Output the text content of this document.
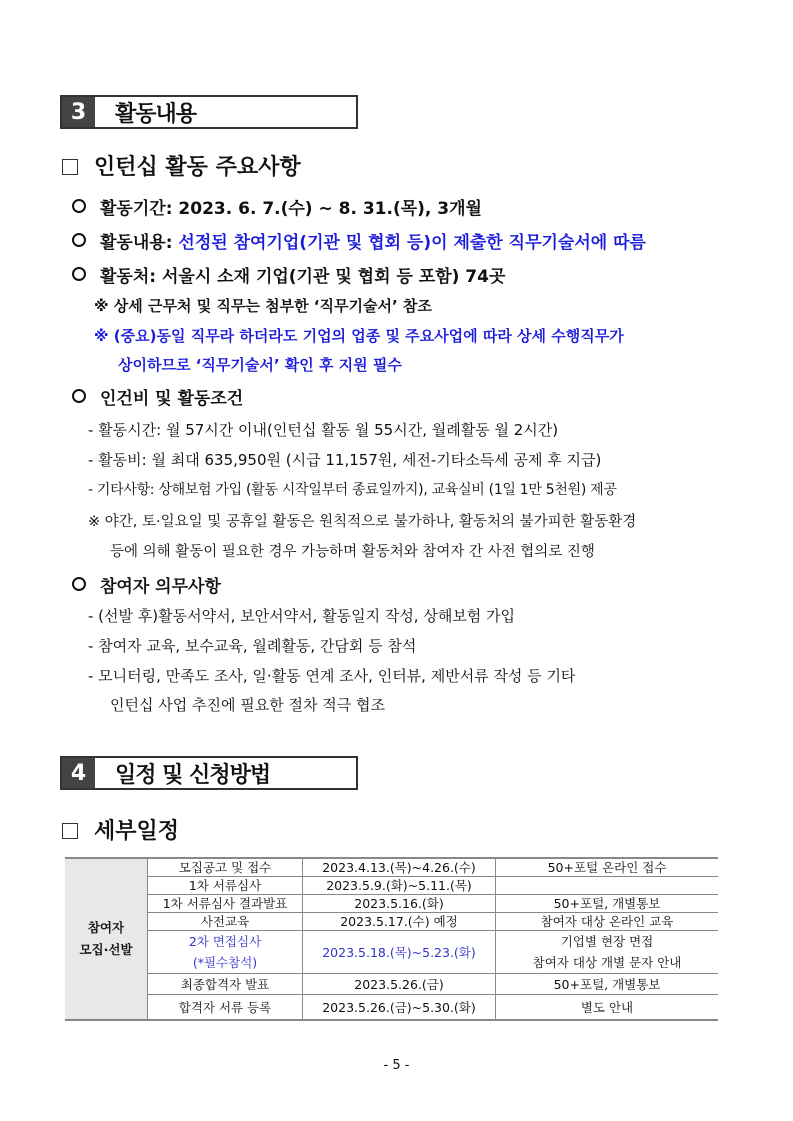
3	활동내용
인턴십 활동 주요사항
활동기간: 2023. 6. 7.(수) ~ 8. 31.(목), 3개월
활동내용: 선정된 참여기업(기관 및 협회 등)이 제출한 직무기술서에 따름
활동처: 서울시 소재 기업(기관 및 협회 등 포함) 74곳
※ 상세 근무처 및 직무는 첨부한 ‘직무기술서’ 참조
※ (중요)동일 직무라 하더라도 기업의 업종 및 주요사업에 따라 상세 수행직무가
상이하므로 ‘직무기술서’ 확인 후 지원 필수
인건비 및 활동조건
- 활동시간: 월 57시간 이내(인턴십 활동 월 55시간, 월례활동 월 2시간)
- 활동비: 월 최대 635,950원 (시급 11,157원, 세전-기타소득세 공제 후 지급)
- 기타사항: 상해보험 가입 (활동 시작일부터 종료일까지), 교육실비 (1일 1만 5천원) 제공
※ 야간, 토·일요일 및 공휴일 활동은 원칙적으로 불가하나, 활동처의 불가피한 활동환경
등에 의해 활동이 필요한 경우 가능하며 활동처와 참여자 간 사전 협의로 진행
참여자 의무사항
- (선발 후)활동서약서, 보안서약서, 활동일지 작성, 상해보험 가입
- 참여자 교육, 보수교육, 월례활동, 간담회 등 참석
- 모니터링, 만족도 조사, 일·활동 연계 조사, 인터뷰, 제반서류 작성 등 기타
인턴십 사업 추진에 필요한 절차 적극 협조
4	일정 및 신청방법
세부일정
참여자
모집·선발	모집공고 및 접수	2023.4.13.(목)~4.26.(수)	50+포털 온라인 접수
	1차 서류심사	2023.5.9.(화)~5.11.(목)	
	1차 서류심사 결과발표	2023.5.16.(화)	50+포털, 개별통보
	사전교육	2023.5.17.(수) 예정	참여자 대상 온라인 교육
	2차 면접심사
(*필수참석)	2023.5.18.(목)~5.23.(화)	기업별 현장 면접
참여자 대상 개별 문자 안내
	최종합격자 발표	2023.5.26.(금)	50+포털, 개별통보
	합격자 서류 등록	2023.5.26.(금)~5.30.(화)	별도 안내
- 5 -
